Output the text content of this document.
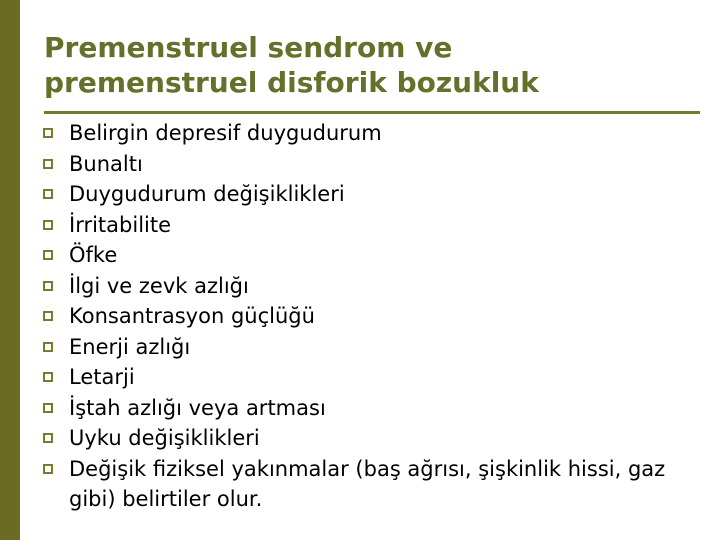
Premenstruel sendrom ve
premenstruel disforik bozukluk
Belirgin depresif duygudurum
Bunaltı
Duygudurum değişiklikleri
İrritabilite
Öfke
İlgi ve zevk azlığı
Konsantrasyon güçlüğü
Enerji azlığı
Letarji
İştah azlığı veya artması
Uyku değişiklikleri
Değişik fiziksel yakınmalar (baş ağrısı, şişkinlik hissi, gaz gibi) belirtiler olur.
